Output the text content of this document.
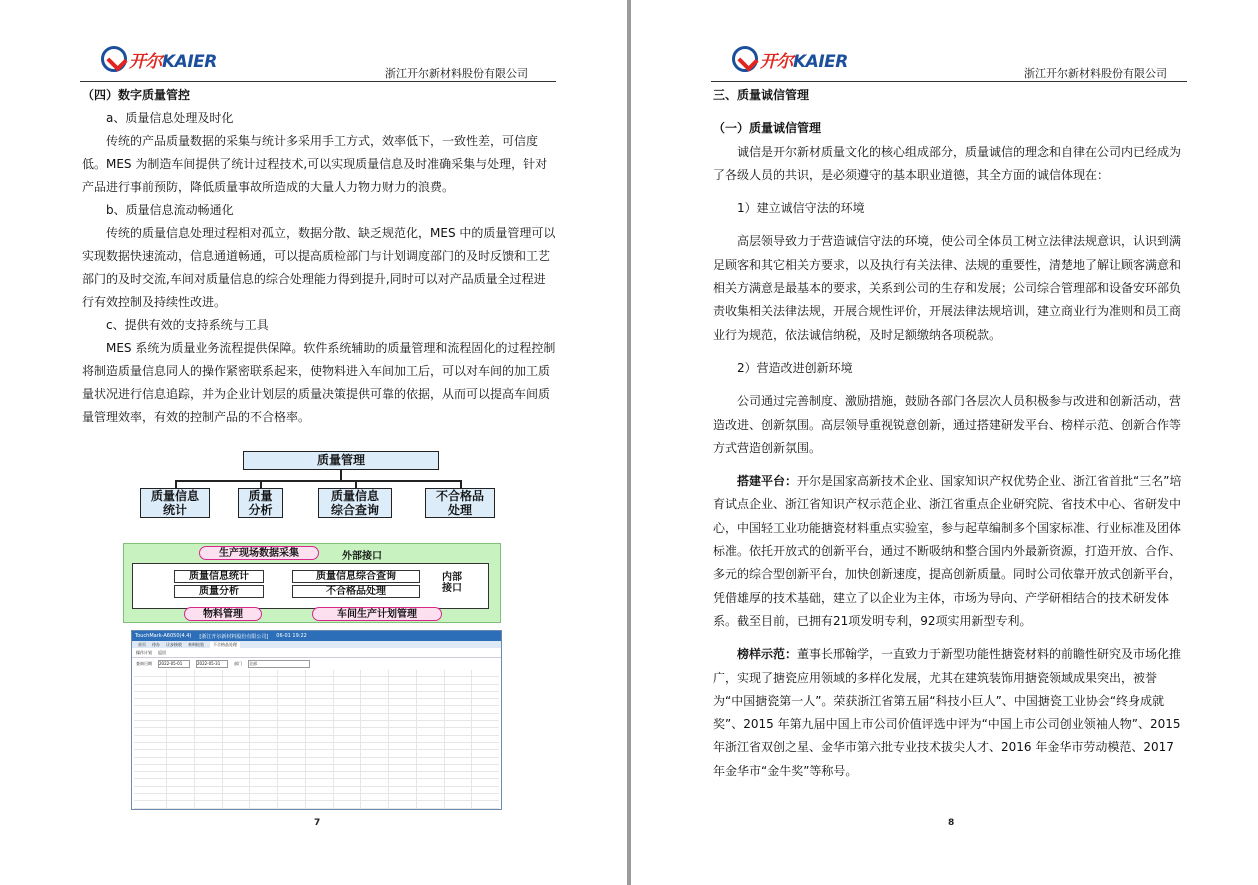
开尔KAIER
浙江开尔新材料股份有限公司

（四）数字质量管控

a、质量信息处理及时化

传统的产品质量数据的采集与统计多采用手工方式，效率低下，一致性差，可信度低。MES 为制造车间提供了统计过程技术,可以实现质量信息及时准确采集与处理，针对产品进行事前预防，降低质量事故所造成的大量人力物力财力的浪费。

b、质量信息流动畅通化

传统的质量信息处理过程相对孤立，数据分散、缺乏规范化，MES 中的质量管理可以实现数据快速流动，信息通道畅通，可以提高质检部门与计划调度部门的及时反馈和工艺部门的及时交流,车间对质量信息的综合处理能力得到提升,同时可以对产品质量全过程进行有效控制及持续性改进。

c、提供有效的支持系统与工具

MES 系统为质量业务流程提供保障。软件系统辅助的质量管理和流程固化的过程控制将制造质量信息同人的操作紧密联系起来，使物料进入车间加工后，可以对车间的加工质量状况进行信息追踪，并为企业计划层的质量决策提供可靠的依据，从而可以提高车间质量管理效率，有效的控制产品的不合格率。

质量管理
质量信息
统计
质量
分析
质量信息
综合查询
不合格品
处理
生产现场数据采集	外部接口
质量信息统计	质量信息综合查询
质量分析	不合格品处理
内部
接口
物料管理	车间生产计划管理
TouchMark-A6050(4.4) [浙江开尔新材料股份有限公司] 06-01 19:22
首页 待办 让步接收 来料检验	不合格品处理
操作计划 返回
查询日期 2022-05-01	2022-05-31	部门 全部
7
开尔KAIER
浙江开尔新材料股份有限公司

三、质量诚信管理

（一）质量诚信管理

诚信是开尔新材质量文化的核心组成部分，质量诚信的理念和自律在公司内已经成为了各级人员的共识，是必须遵守的基本职业道德，其全方面的诚信体现在：

1）建立诚信守法的环境

高层领导致力于营造诚信守法的环境，使公司全体员工树立法律法规意识，认识到满足顾客和其它相关方要求，以及执行有关法律、法规的重要性，清楚地了解让顾客满意和相关方满意是最基本的要求，关系到公司的生存和发展；公司综合管理部和设备安环部负责收集相关法律法规，开展合规性评价，开展法律法规培训，建立商业行为准则和员工商业行为规范，依法诚信纳税，及时足额缴纳各项税款。

2）营造改进创新环境

公司通过完善制度、激励措施，鼓励各部门各层次人员积极参与改进和创新活动，营造改进、创新氛围。高层领导重视锐意创新，通过搭建研发平台、榜样示范、创新合作等方式营造创新氛围。

搭建平台：开尔是国家高新技术企业、国家知识产权优势企业、浙江省首批“三名”培育试点企业、浙江省知识产权示范企业、浙江省重点企业研究院、省技术中心、省研发中心，中国轻工业功能搪瓷材料重点实验室，参与起草编制多个国家标准、行业标准及团体标准。依托开放式的创新平台，通过不断吸纳和整合国内外最新资源，打造开放、合作、多元的综合型创新平台，加快创新速度，提高创新质量。同时公司依靠开放式创新平台，凭借雄厚的技术基础，建立了以企业为主体，市场为导向、产学研相结合的技术研发体系。截至目前，已拥有21项发明专利，92项实用新型专利。

榜样示范：董事长邢翰学，一直致力于新型功能性搪瓷材料的前瞻性研究及市场化推广，实现了搪瓷应用领域的多样化发展，尤其在建筑装饰用搪瓷领域成果突出，被誉为“中国搪瓷第一人”。荣获浙江省第五届“科技小巨人”、中国搪瓷工业协会“终身成就奖”、2015 年第九届中国上市公司价值评选中评为“中国上市公司创业领袖人物”、2015 年浙江省双创之星、金华市第六批专业技术拔尖人才、2016 年金华市劳动模范、2017 年金华市“金牛奖”等称号。

8
